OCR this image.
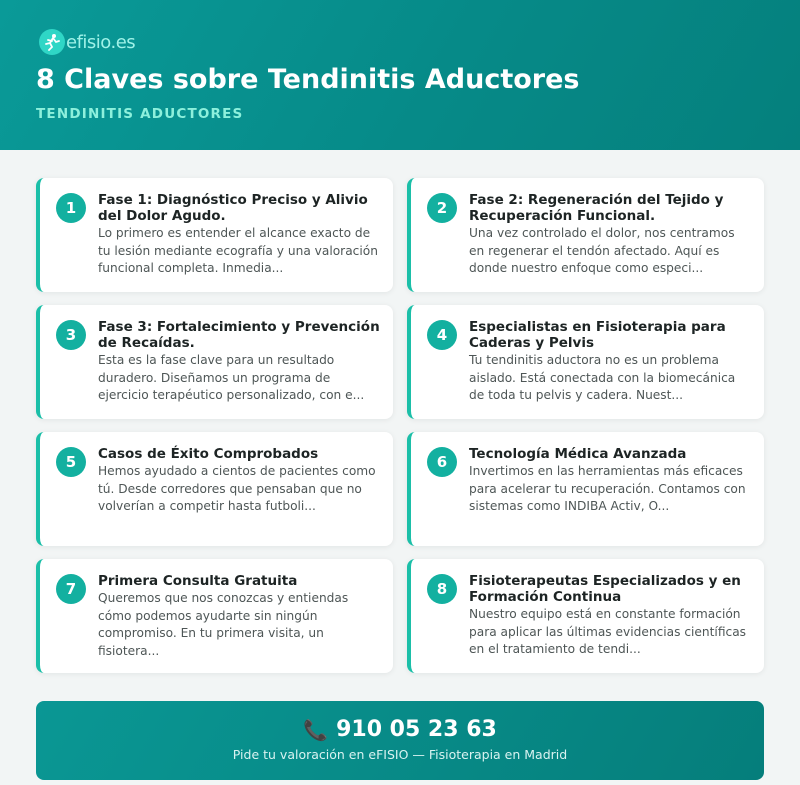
efisio.es
8 Claves sobre Tendinitis Aductores
TENDINITIS ADUCTORES
1	Fase 1: Diagnóstico Preciso y Alivio del Dolor Agudo.
Lo primero es entender el alcance exacto de tu lesión mediante ecografía y una valoración funcional completa. Inmedia...
2	Fase 2: Regeneración del Tejido y Recuperación Funcional.
Una vez controlado el dolor, nos centramos en regenerar el tendón afectado. Aquí es donde nuestro enfoque como especi...
3	Fase 3: Fortalecimiento y Prevención de Recaídas.
Esta es la fase clave para un resultado duradero. Diseñamos un programa de ejercicio terapéutico personalizado, con e...
4	Especialistas en Fisioterapia para Caderas y Pelvis
Tu tendinitis aductora no es un problema aislado. Está conectada con la biomecánica de toda tu pelvis y cadera. Nuest...
5	Casos de Éxito Comprobados
Hemos ayudado a cientos de pacientes como tú. Desde corredores que pensaban que no volverían a competir hasta futboli...
6	Tecnología Médica Avanzada
Invertimos en las herramientas más eficaces para acelerar tu recuperación. Contamos con sistemas como INDIBA Activ, O...
7	Primera Consulta Gratuita
Queremos que nos conozcas y entiendas cómo podemos ayudarte sin ningún compromiso. En tu primera visita, un fisiotera...
8	Fisioterapeutas Especializados y en Formación Continua
Nuestro equipo está en constante formación para aplicar las últimas evidencias científicas en el tratamiento de tendi...
📞 910 05 23 63
Pide tu valoración en eFISIO — Fisioterapia en Madrid
